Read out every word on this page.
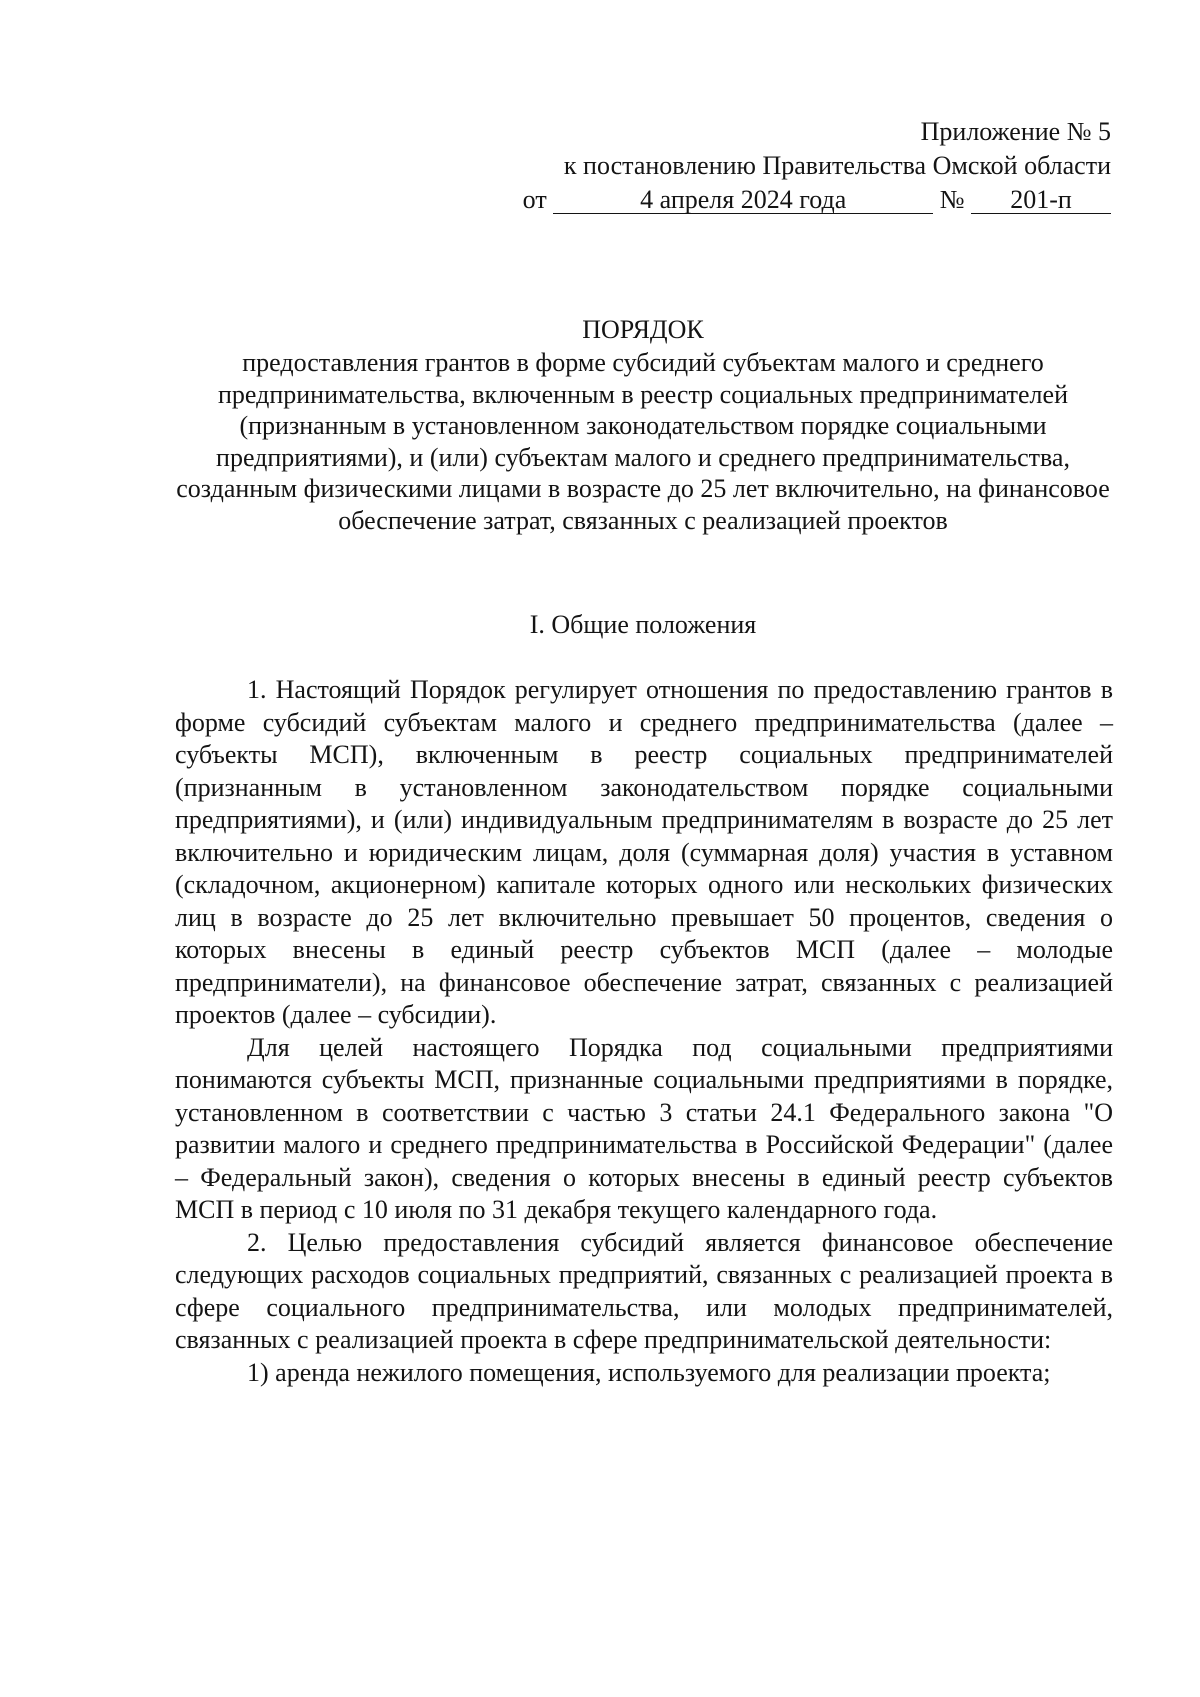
Приложение № 5
к постановлению Правительства Омской области
от	4 апреля 2024 года	№ 201-п
ПОРЯДОК
предоставления грантов в форме субсидий субъектам малого и среднего предпринимательства, включенным в реестр социальных предпринимателей (признанным в установленном законодательством порядке социальными предприятиями), и (или) субъектам малого и среднего предпринимательства, созданным физическими лицами в возрасте до 25 лет включительно, на финансовое обеспечение затрат, связанных с реализацией проектов
I. Общие положения

1. Настоящий Порядок регулирует отношения по предоставлению грантов в форме субсидий субъектам малого и среднего предпринимательства (далее – субъекты МСП), включенным в реестр социальных предпринимателей (признанным в установленном законодательством порядке социальными предприятиями), и (или) индивидуальным предпринимателям в возрасте до 25 лет включительно и юридическим лицам, доля (суммарная доля) участия в уставном (складочном, акционерном) капитале которых одного или нескольких физических лиц в возрасте до 25 лет включительно превышает 50 процентов, сведения о которых внесены в единый реестр субъектов МСП (далее – молодые предприниматели), на финансовое обеспечение затрат, связанных с реализацией проектов (далее – субсидии).

Для целей настоящего Порядка под социальными предприятиями понимаются субъекты МСП, признанные социальными предприятиями в порядке, установленном в соответствии с частью 3 статьи 24.1 Федерального закона "О развитии малого и среднего предпринимательства в Российской Федерации" (далее – Федеральный закон), сведения о которых внесены в единый реестр субъектов МСП в период с 10 июля по 31 декабря текущего календарного года.

2. Целью предоставления субсидий является финансовое обеспечение следующих расходов социальных предприятий, связанных с реализацией проекта в сфере социального предпринимательства, или молодых предпринимателей, связанных с реализацией проекта в сфере предпринимательской деятельности:

1) аренда нежилого помещения, используемого для реализации проекта;
